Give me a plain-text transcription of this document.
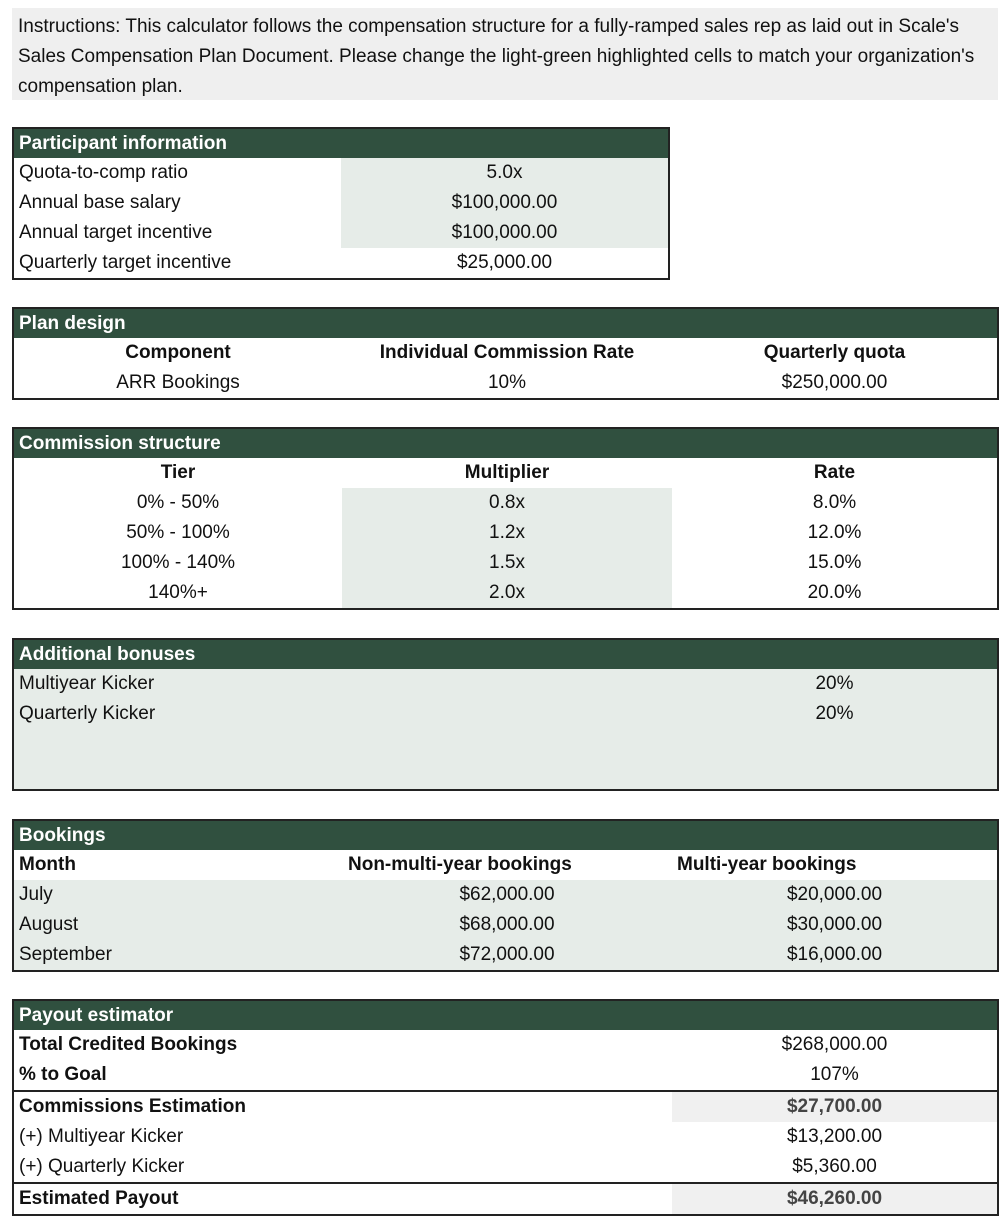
Instructions: This calculator follows the compensation structure for a fully-ramped sales rep as laid out in Scale's Sales Compensation Plan Document. Please change the light-green highlighted cells to match your organization's compensation plan.
Participant information
Quota-to-comp ratio	5.0x
Annual base salary	$100,000.00
Annual target incentive	$100,000.00
Quarterly target incentive	$25,000.00
Plan design
Component	Individual Commission Rate	Quarterly quota
ARR Bookings	10%	$250,000.00
Commission structure
Tier	Multiplier	Rate
0% - 50%	0.8x	8.0%
50% - 100%	1.2x	12.0%
100% - 140%	1.5x	15.0%
140%+	2.0x	20.0%
Additional bonuses
Multiyear Kicker	20%
Quarterly Kicker	20%
Bookings
Month	Non-multi-year bookings	Multi-year bookings
July	$62,000.00	$20,000.00
August	$68,000.00	$30,000.00
September	$72,000.00	$16,000.00
Payout estimator
Total Credited Bookings	$268,000.00
% to Goal	107%
Commissions Estimation	$27,700.00
(+) Multiyear Kicker	$13,200.00
(+) Quarterly Kicker	$5,360.00
Estimated Payout	$46,260.00
